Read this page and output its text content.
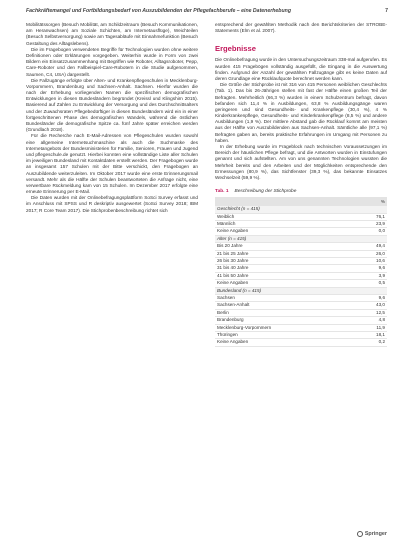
Fachkräftemangel und Fortbildungsbedarf von Auszubildenden der Pflegefachberufe – eine Datenerhebung	7

Mobilitätssorgen (Besuch Mobilität, am Schildzeitraum (Besuch Kommunikationen, am Heranwachsen) am Soziale Schichten, am Internetausflüge), Weichteilen (Besuch Selbstversorgung) sowie am Tagesabläufe mit Einnahmefunktion (Besuch Gestaltung des Alltagslebens).

Die im Fragebogen verwendeten Begriffe für Technologien wurden ohne weitere Definitionen oder Erklärungen vorgegeben. Weiterhin wurde in Form von zwei Bildern ein Einsatzzusammenhang mit Begriffen wie Roboter, Alltagsroboter, Pepp, Care-Roboter und den Fallbeispiel-Care-Robotern in die Studie aufgenommen, Saumen, C4, USA) dargestellt.

Die Fallzugänge erfolgte über Alten- und Krankenpflegeschulen in Mecklenburg-Vorpommern, Brandenburg und Sachsen-Anhalt. Sachsen. Hierfür wurden die nach der Erhebung vorliegenden Namen die spezifischen demografischen Entwicklungen in diesen Bundesländern begründet (Kreissl und Klingshirn 2015). Basierend auf Zahlen zu Entwicklung der Versorgung und des Durchschnittsalters und der Zuwachsraten Pflegebedürftiger in diesen Bundesländern wird ein in einer fortgeschrittenen Phase des demografischen Wandels, während die östlichen Bundesländer die demografische Spitze ca. fünf Jahre später erreichen werden (Grundlach 2018).

Für die Recherche nach E-Mail-Adressen von Pflegeschulen wurden sowohl eine allgemeine Internetsuchmaschine als auch die Suchmaske des Internetangebots der Bundesministerien für Familie, Senioren, Frauen und Jugend und pflegeschule.de genutzt. Hierbei konnten eine vollständige Liste aller Schulen im jeweiligen Bundesland mit Kontaktdaten erstellt werden. Der Fragebogen wurde an insgesamt 157 Schulen mit der Bitte verschickt, den Fragebogen an Auszubildende weiterzuleiten. Im Oktober 2017 wurde eine erste Erinnerungsmail versandt. Mehr als die Hälfte der Schulen beantworteten die Anfrage nicht, eine verwertbare Rückmeldung kam von 15 Schulen. Im Dezember 2017 erfolgte eine erneute Erinnerung per E-Mail.

Die Daten wurden mit der Onlinebefragungsplattform SoSci Survey erfasst und im Anschluss mit SPSS und R deskriptiv ausgewertet (SoSci Survey 2018; IBM 2017; R Core Team 2017). Die Stichprobenbeschreibung richtet sich

entsprechend der gewählten Methodik nach den Berichtskriterien der STROBE-Statements (Elm et al. 2007).

Ergebnisse

Die Onlinebefragung wurde in den Untersuchungszeitraum 338-mal aufgerufen. Es wurden 415 Fragebögen vollständig ausgefüllt, die Eingang in die Auswertung finden. Aufgrund der Anzahl der gewählten Fallzugänge gibt es keine Daten auf deren Grundlage eine Rücklaufquote berechnet werden kann.

Die Größe der Stichprobe ist mit 316 von 415 Personen weiblichen Geschlechts (Tab. 1). Das bis 26-Jährigen stellen mit fast der Hälfte einen großen Teil der Befragten. Mehrheitlich (66,3 %) wurden in einem Schulzentrum befragt, davon befanden sich 11,4 % in Ausbildungen, 63,8 % Ausbildungsgänge waren geringeren und sind Gesundheits- und Krankenpflege (30,4 %), 4 % Kinderkrankenpflege, Gesundheits- und Kinderkrankenpflege (8,5 %) und andere Ausbildungen (1,9 %). Der mittlere Abstand gab die Rücklauf kommt am meisten aus der Hälfte von Auszubildenden aus Sachsen-Anhalt. Sämtliche alle (97,1 %) Befragten gaben an, bereits praktische Erfahrungen im Umgang mit Personen zu haben.

In der Erhebung wurde im Frageblock nach technischen Voraussetzungen im Bereich der häuslichen Pflege befragt, und die Antworten wurden in Einstufungen genannt und sich aufstellten. Am von uns genannten Technologien wussten die Mehrheit bereits und den Arbeiten und der Möglichkeiten entsprechende den Ermessungen (80,9 %), das Sichtfenster (39,3 %), das bekannte Einsatzes Wechselzeit (59,9 %).

Tab. 1 Beschreibung der Stichprobe
	%
Geschlecht (n = 415)	
Weiblich	76,1
Männlich	23,9
Keine Angaben	0,0
Alter (n = 415)	
Bis 20 Jahre	49,4
21 bis 25 Jahre	26,0
26 bis 30 Jahre	10,6
31 bis 40 Jahre	9,6
41 bis 50 Jahre	3,9
Keine Angaben	0,5
Bundesland (n = 415)	
Sachsen	9,6
Sachsen-Anhalt	43,0
Berlin	12,5
Brandenburg	4,8
Mecklenburg-Vorpommern	11,9
Thüringen	18,1
Keine Angaben	0,2
Springer
